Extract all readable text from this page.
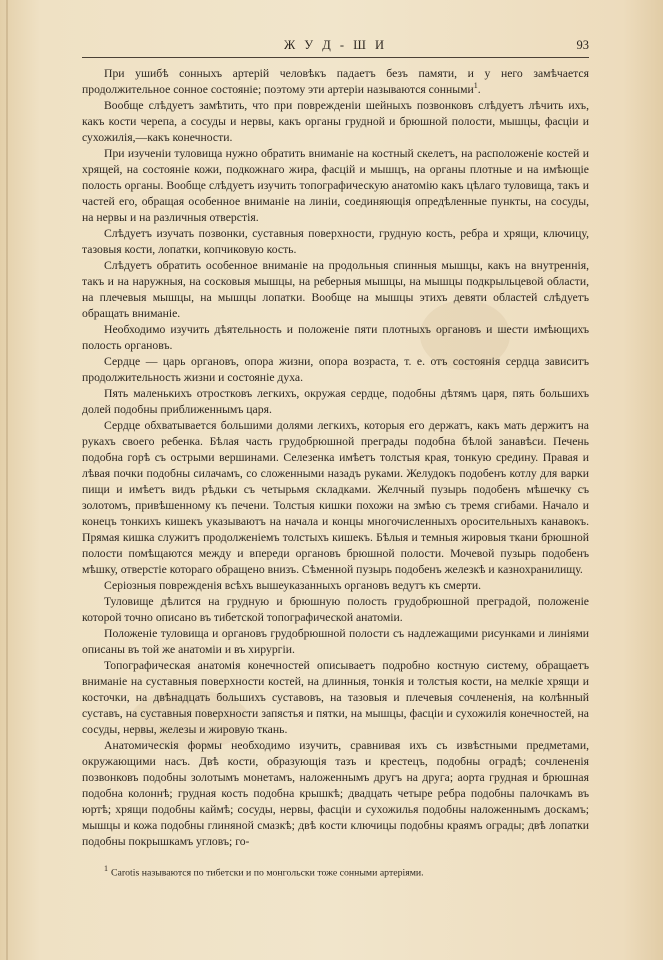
Ж У Д - Ш И	93

При ушибѣ сонныхъ артерій человѣкъ падаетъ безъ памяти, и у него замѣчается продолжительное сонное состояніе; поэтому эти артеріи называются сонными$^1$.

Вообще слѣдуетъ замѣтить, что при поврежденіи шейныхъ позвонковъ слѣдуетъ лѣчить ихъ, какъ кости черепа, а сосуды и нервы, какъ органы грудной и брюшной полости, мышцы, фасціи и сухожилія,—какъ конечности.

При изученіи туловища нужно обратить вниманіе на костный скелетъ, на расположеніе костей и хрящей, на состояніе кожи, подкожнаго жира, фасцій и мышцъ, на органы плотные и на имѣющіе полость органы. Вообще слѣдуетъ изучить топографическую анатомію какъ цѣлаго туловища, такъ и частей его, обращая особенное вниманіе на линіи, соединяющія опредѣленные пункты, на сосуды, на нервы и на различныя отверстія.

Слѣдуетъ изучать позвонки, суставныя поверхности, грудную кость, ребра и хрящи, ключицу, тазовыя кости, лопатки, копчиковую кость.

Слѣдуетъ обратить особенное вниманіе на продольныя спинныя мышцы, какъ на внутреннія, такъ и на наружныя, на сосковыя мышцы, на реберныя мышцы, на мышцы подкрыльцевой области, на плечевыя мышцы, на мышцы лопатки. Вообще на мышцы этихъ девяти областей слѣдуетъ обращать вниманіе.

Необходимо изучить дѣятельность и положеніе пяти плотныхъ органовъ и шести имѣющихъ полость органовъ.

Сердце — царь органовъ, опора жизни, опора возраста, т. е. отъ состоянія сердца зависитъ продолжительность жизни и состояніе духа.

Пять маленькихъ отростковъ легкихъ, окружая сердце, подобны дѣтямъ царя, пять большихъ долей подобны приближеннымъ царя.

Сердце обхватывается большими долями легкихъ, которыя его держатъ, какъ мать держитъ на рукахъ своего ребенка. Бѣлая часть грудобрюшной преграды подобна бѣлой занавѣси. Печень подобна горѣ съ острыми вершинами. Селезенка имѣетъ толстыя края, тонкую средину. Правая и лѣвая почки подобны силачамъ, со сложенными назадъ руками. Желудокъ подобенъ котлу для варки пищи и имѣетъ видъ рѣдьки съ четырьмя складками. Желчный пузырь подобенъ мѣшечку съ золотомъ, привѣшенному къ печени. Толстыя кишки похожи на змѣю съ тремя сгибами. Начало и конецъ тонкихъ кишекъ указываютъ на начала и концы многочисленныхъ оросительныхъ канавокъ. Прямая кишка служитъ продолженіемъ толстыхъ кишекъ. Бѣлыя и темныя жировыя ткани брюшной полости помѣщаются между и впереди органовъ брюшной полости. Мочевой пузырь подобенъ мѣшку, отверстіе котораго обращено внизъ. Сѣменной пузырь подобенъ железкѣ и казнохранилищу.

Серіозныя поврежденія всѣхъ вышеуказанныхъ органовъ ведутъ къ смерти.

Туловище дѣлится на грудную и брюшную полость грудобрюшной преградой, положеніе которой точно описано въ тибетской топографической анатоміи.

Положеніе туловища и органовъ грудобрюшной полости съ надлежащими рисунками и линіями описаны въ той же анатоміи и въ хирургіи.

Топографическая анатомія конечностей описываетъ подробно костную систему, обращаетъ вниманіе на суставныя поверхности костей, на длинныя, тонкія и толстыя кости, на мелкіе хрящи и косточки, на двѣнадцать большихъ суставовъ, на тазовыя и плечевыя сочлененія, на колѣнный суставъ, на суставныя поверхности запястья и пятки, на мышцы, фасціи и сухожилія конечностей, на сосуды, нервы, железы и жировую ткань.

Анатомическія формы необходимо изучить, сравнивая ихъ съ извѣстными предметами, окружающими насъ. Двѣ кости, образующія тазъ и крестецъ, подобны оградѣ; сочлененія позвонковъ подобны золотымъ монетамъ, наложеннымъ другъ на друга; аорта грудная и брюшная подобна колоннѣ; грудная кость подобна крышкѣ; двадцать четыре ребра подобны палочкамъ въ юртѣ; хрящи подобны каймѣ; сосуды, нервы, фасціи и сухожилья подобны наложеннымъ доскамъ; мышцы и кожа подобны глиняной смазкѣ; двѣ кости ключицы подобны краямъ ограды; двѣ лопатки подобны покрышкамъ угловъ; го-

$^1$ Carotis называются по тибетски и по монгольски тоже сонными артеріями.
